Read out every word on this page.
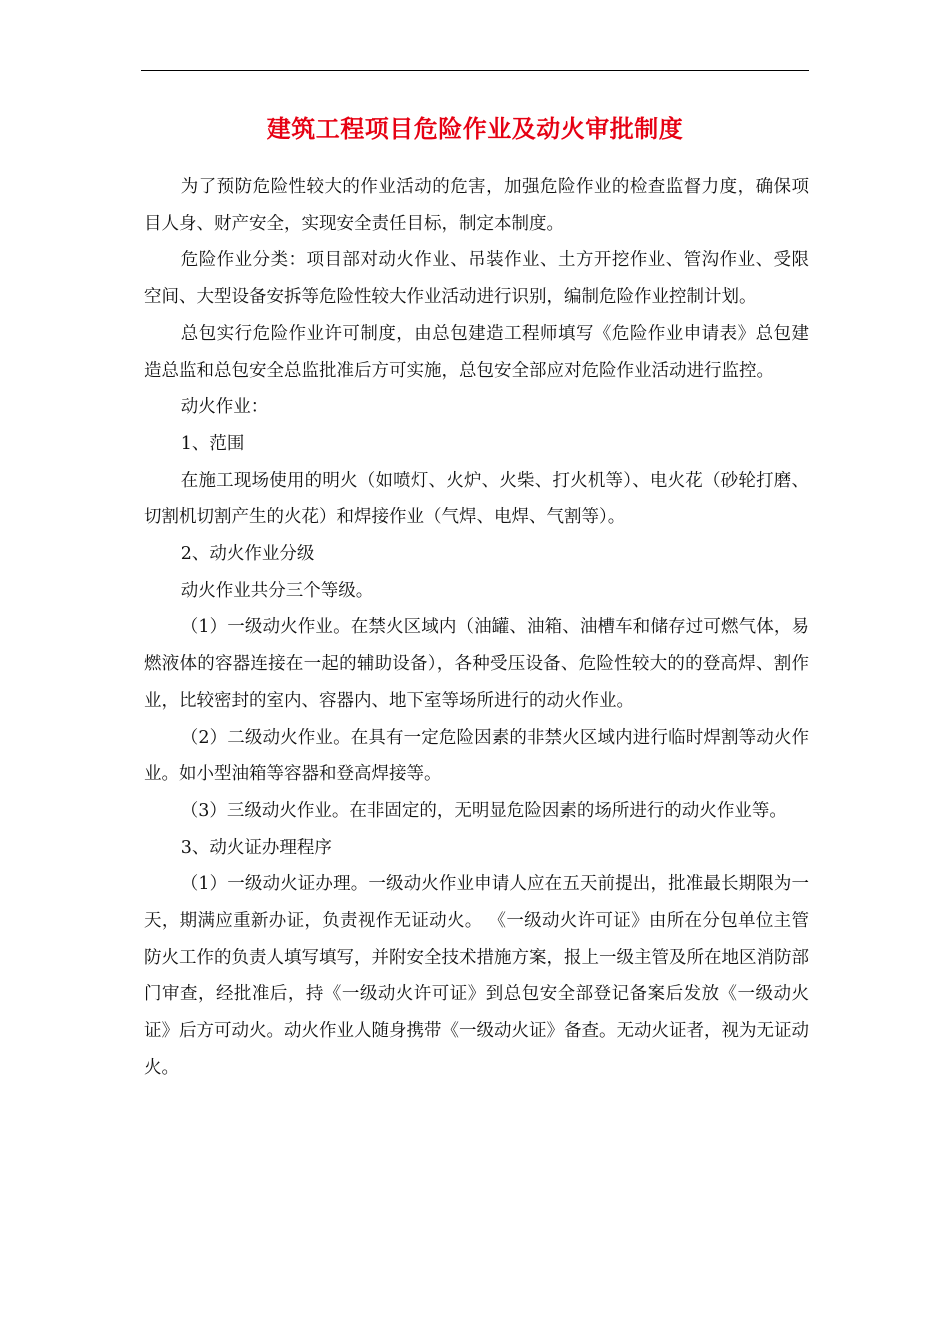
建筑工程项目危险作业及动火审批制度

为了预防危险性较大的作业活动的危害，加强危险作业的检查监督力度，确保项目人身、财产安全，实现安全责任目标，制定本制度。

危险作业分类：项目部对动火作业、吊装作业、土方开挖作业、管沟作业、受限空间、大型设备安拆等危险性较大作业活动进行识别，编制危险作业控制计划。

总包实行危险作业许可制度，由总包建造工程师填写《危险作业申请表》总包建造总监和总包安全总监批准后方可实施，总包安全部应对危险作业活动进行监控。

动火作业：

1、范围

在施工现场使用的明火（如喷灯、火炉、火柴、打火机等）、电火花（砂轮打磨、切割机切割产生的火花）和焊接作业（气焊、电焊、气割等）。

2、动火作业分级

动火作业共分三个等级。

（1）一级动火作业。在禁火区域内（油罐、油箱、油槽车和储存过可燃气体，易燃液体的容器连接在一起的辅助设备），各种受压设备、危险性较大的的登高焊、割作业，比较密封的室内、容器内、地下室等场所进行的动火作业。

（2）二级动火作业。在具有一定危险因素的非禁火区域内进行临时焊割等动火作业。如小型油箱等容器和登高焊接等。

（3）三级动火作业。在非固定的，无明显危险因素的场所进行的动火作业等。

3、动火证办理程序

（1）一级动火证办理。一级动火作业申请人应在五天前提出，批准最长期限为一天，期满应重新办证，负责视作无证动火。 《一级动火许可证》由所在分包单位主管防火工作的负责人填写填写，并附安全技术措施方案，报上一级主管及所在地区消防部门审查，经批准后，持《一级动火许可证》到总包安全部登记备案后发放《一级动火证》后方可动火。动火作业人随身携带《一级动火证》备查。无动火证者，视为无证动火。
